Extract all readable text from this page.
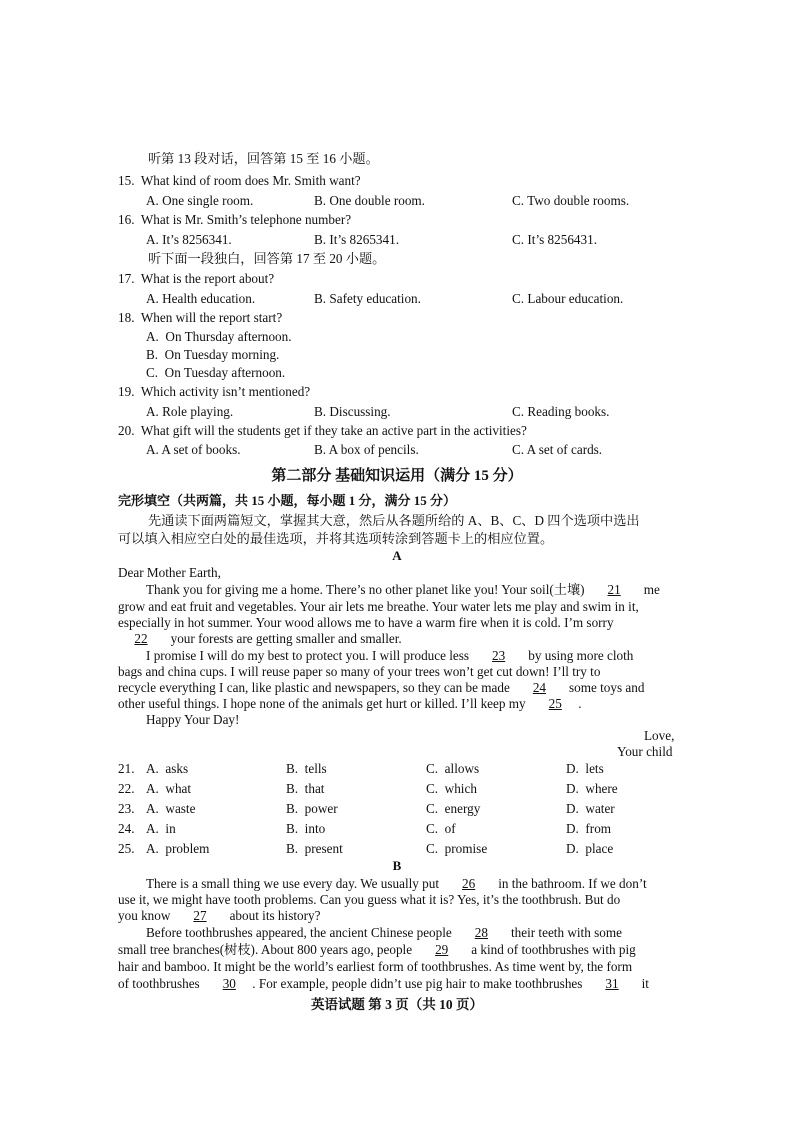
听第 13 段对话，回答第 15 至 16 小题。
15. What kind of room does Mr. Smith want?
A. One single room.	B. One double room.	C. Two double rooms.
16. What is Mr. Smith’s telephone number?
A. It’s 8256341.	B. It’s 8265341.	C. It’s 8256431.
听下面一段独白，回答第 17 至 20 小题。
17. What is the report about?
A. Health education.	B. Safety education.	C. Labour education.
18. When will the report start?
A.  On Thursday afternoon.
B.  On Tuesday morning.
C.  On Tuesday afternoon.
19. Which activity isn’t mentioned?
A. Role playing.	B. Discussing.	C. Reading books.
20. What gift will the students get if they take an active part in the activities?
A. A set of books.	B. A box of pencils.	C. A set of cards.
第二部分 基础知识运用（满分 15 分）
完形填空（共两篇，共 15 小题，每小题 1 分，满分 15 分）
先通读下面两篇短文，掌握其大意，然后从各题所给的 A、B、C、D 四个选项中选出
可以填入相应空白处的最佳选项，并将其选项转涂到答题卡上的相应位置。
A
Dear Mother Earth,
Thank you for giving me a home. There’s no other planet like you! Your soil(土壤) 21 me
grow and eat fruit and vegetables. Your air lets me breathe. Your water lets me play and swim in it,
especially in hot summer. Your wood allows me to have a warm fire when it is cold. I’m sorry
22 your forests are getting smaller and smaller.
I promise I will do my best to protect you. I will produce less 23 by using more cloth
bags and china cups. I will reuse paper so many of your trees won’t get cut down! I’ll try to
recycle everything I can, like plastic and newspapers, so they can be made 24 some toys and
other useful things. I hope none of the animals get hurt or killed. I’ll keep my 25 .
Happy Your Day!
Love,
Your child
21. A.  asks	B.  tells	C.  allows	D.  lets
22. A.  what	B.  that	C.  which	D.  where
23. A.  waste	B.  power	C.  energy	D.  water
24. A.  in	B.  into	C.  of	D.  from
25. A.  problem	B.  present	C.  promise	D.  place
B
There is a small thing we use every day. We usually put 26 in the bathroom. If we don’t
use it, we might have tooth problems. Can you guess what it is? Yes, it’s the toothbrush. But do
you know 27 about its history?
Before toothbrushes appeared, the ancient Chinese people 28 their teeth with some
small tree branches(树枝). About 800 years ago, people 29 a kind of toothbrushes with pig
hair and bamboo. It might be the world’s earliest form of toothbrushes. As time went by, the form
of toothbrushes 30 . For example, people didn’t use pig hair to make toothbrushes 31 it
英语试题 第 3 页（共 10 页）
